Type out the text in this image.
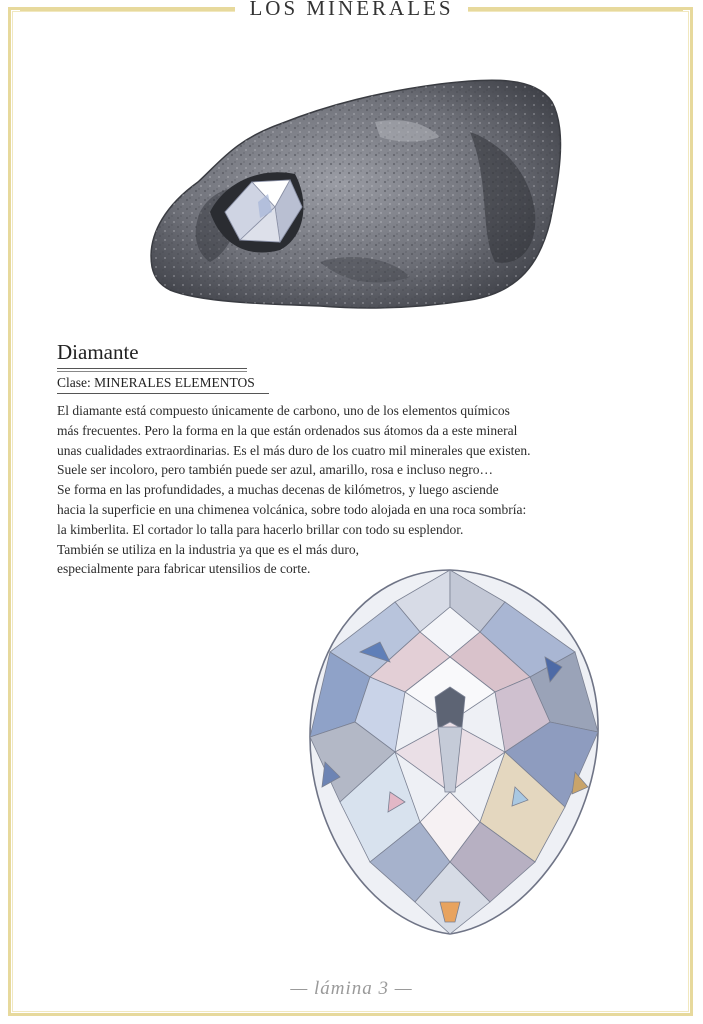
LOS MINERALES
Diamante
Clase: MINERALES ELEMENTOS
El diamante está compuesto únicamente de carbono, uno de los elementos químicos
más frecuentes. Pero la forma en la que están ordenados sus átomos da a este mineral
unas cualidades extraordinarias. Es el más duro de los cuatro mil minerales que existen.
Suele ser incoloro, pero también puede ser azul, amarillo, rosa e incluso negro…
Se forma en las profundidades, a muchas decenas de kilómetros, y luego asciende
hacia la superficie en una chimenea volcánica, sobre todo alojada en una roca sombría:
la kimberlita. El cortador lo talla para hacerlo brillar con todo su esplendor.
También se utiliza en la industria ya que es el más duro,
especialmente para fabricar utensilios de corte.
— lámina 3 —
